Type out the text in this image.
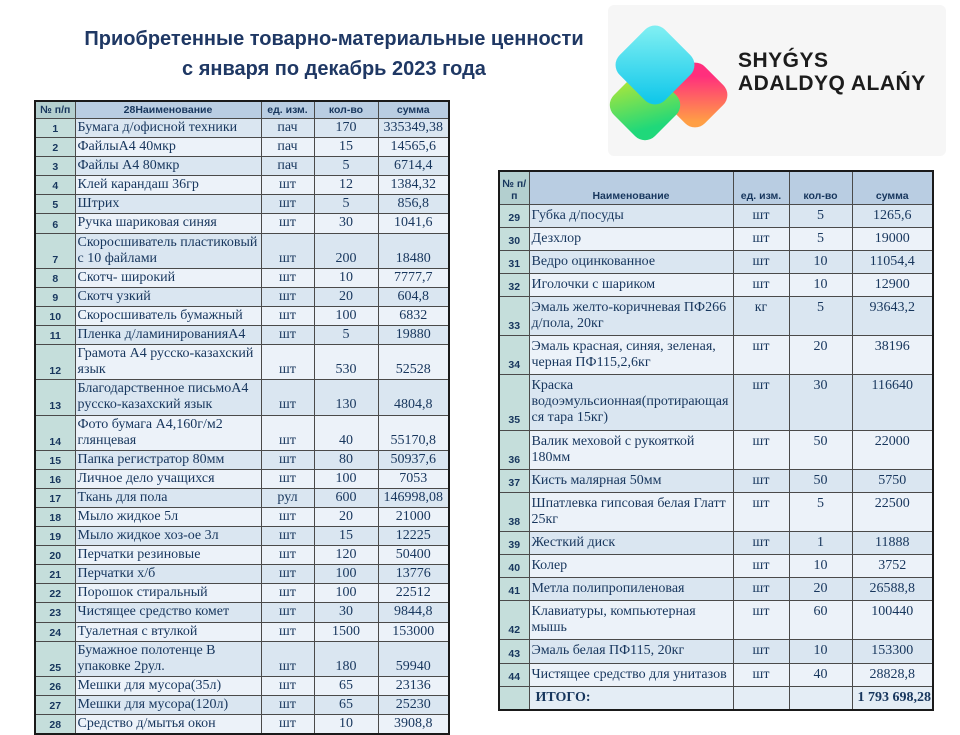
Приобретенные товарно-материальные ценности
с января по декабрь 2023 года	SHYǴYS
ADALDYQ ALAŃY
№ п/п	28Наименование	ед. изм.	кол-во	сумма
1	Бумага д/офисной техники	пач	170	335349,38
2	ФайлыА4 40мкр	пач	15	14565,6
3	Файлы А4 80мкр	пач	5	6714,4
4	Клей карандаш 36гр	шт	12	1384,32
5	Штрих	шт	5	856,8
6	Ручка шариковая синяя	шт	30	1041,6
7	Скоросшиватель пластиковый с 10 файлами	шт	200	18480
8	Скотч- широкий	шт	10	7777,7
9	Скотч узкий	шт	20	604,8
10	Скоросшиватель бумажный	шт	100	6832
11	Пленка д/ламинированияА4	шт	5	19880
12	Грамота А4 русско-казахский язык	шт	530	52528
13	Благодарственное письмоА4 русско-казахский язык	шт	130	4804,8
14	Фото бумага А4,160г/м2 глянцевая	шт	40	55170,8
15	Папка регистратор 80мм	шт	80	50937,6
16	Личное дело учащихся	шт	100	7053
17	Ткань для пола	рул	600	146998,08
18	Мыло жидкое 5л	шт	20	21000
19	Мыло жидкое хоз-ое 3л	шт	15	12225
20	Перчатки резиновые	шт	120	50400
21	Перчатки х/б	шт	100	13776
22	Порошок стиральный	шт	100	22512
23	Чистящее средство комет	шт	30	9844,8
24	Туалетная с втулкой	шт	1500	153000
25	Бумажное полотенце В упаковке 2рул.	шт	180	59940
26	Мешки для мусора(35л)	шт	65	23136
27	Мешки для мусора(120л)	шт	65	25230
28	Средство д/мытья окон	шт	10	3908,8
№ п/п	Наименование	ед. изм.	кол-во	сумма
29	Губка д/посуды	шт	5	1265,6
30	Дезхлор	шт	5	19000
31	Ведро оцинкованное	шт	10	11054,4
32	Иголочки с шариком	шт	10	12900
33	Эмаль желто-коричневая ПФ266 д/пола, 20кг	кг	5	93643,2
34	Эмаль красная, синяя, зеленая, черная ПФ115,2,6кг	шт	20	38196
35	Краска водоэмульсионная(протирающаяся тара 15кг)	шт	30	116640
36	Валик меховой с рукояткой 180мм	шт	50	22000
37	Кисть малярная 50мм	шт	50	5750
38	Шпатлевка гипсовая белая Глатт 25кг	шт	5	22500
39	Жесткий диск	шт	1	11888
40	Колер	шт	10	3752
41	Метла полипропиленовая	шт	20	26588,8
42	Клавиатуры, компьютерная мышь	шт	60	100440
43	Эмаль белая ПФ115, 20кг	шт	10	153300
44	Чистящее средство для унитазов	шт	40	28828,8
	ИТОГО:			1 793 698,28
